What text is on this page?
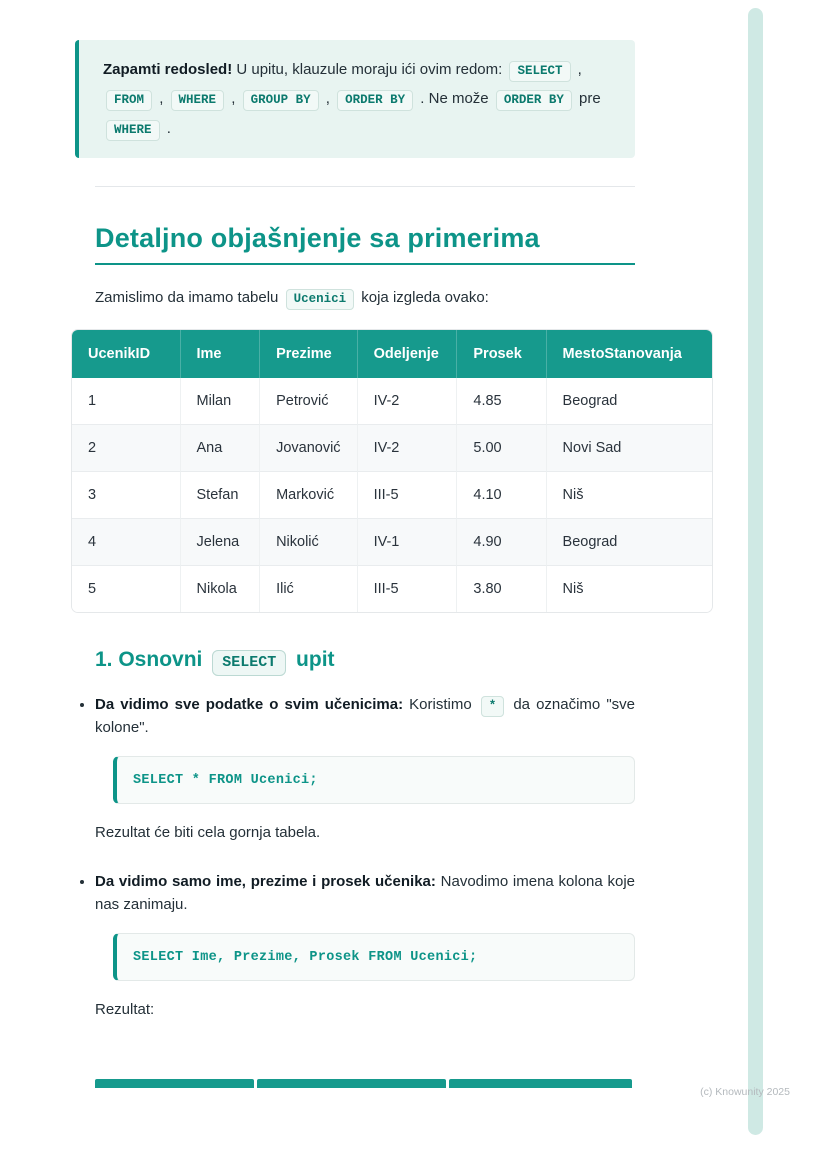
Zapamti redosled! U upitu, klauzule moraju ići ovim redom: SELECT , FROM , WHERE , GROUP BY , ORDER BY . Ne može ORDER BY pre WHERE .

Detaljno objašnjenje sa primerima

Zamislimo da imamo tabelu Ucenici koja izgleda ovako:

UcenikID	Ime	Prezime	Odeljenje	Prosek	MestoStanovanja
1	Milan	Petrović	IV-2	4.85	Beograd
2	Ana	Jovanović	IV-2	5.00	Novi Sad
3	Stefan	Marković	III-5	4.10	Niš
4	Jelena	Nikolić	IV-1	4.90	Beograd
5	Nikola	Ilić	III-5	3.80	Niš
1. Osnovni SELECT upit

• Da vidimo sve podatke o svim učenicima: Koristimo * da označimo "sve kolone".

SELECT * FROM Ucenici;

Rezultat će biti cela gornja tabela.

• Da vidimo samo ime, prezime i prosek učenika: Navodimo imena kolona koje nas zanimaju.

SELECT Ime, Prezime, Prosek FROM Ucenici;

Rezultat:

(c) Knowunity 2025
